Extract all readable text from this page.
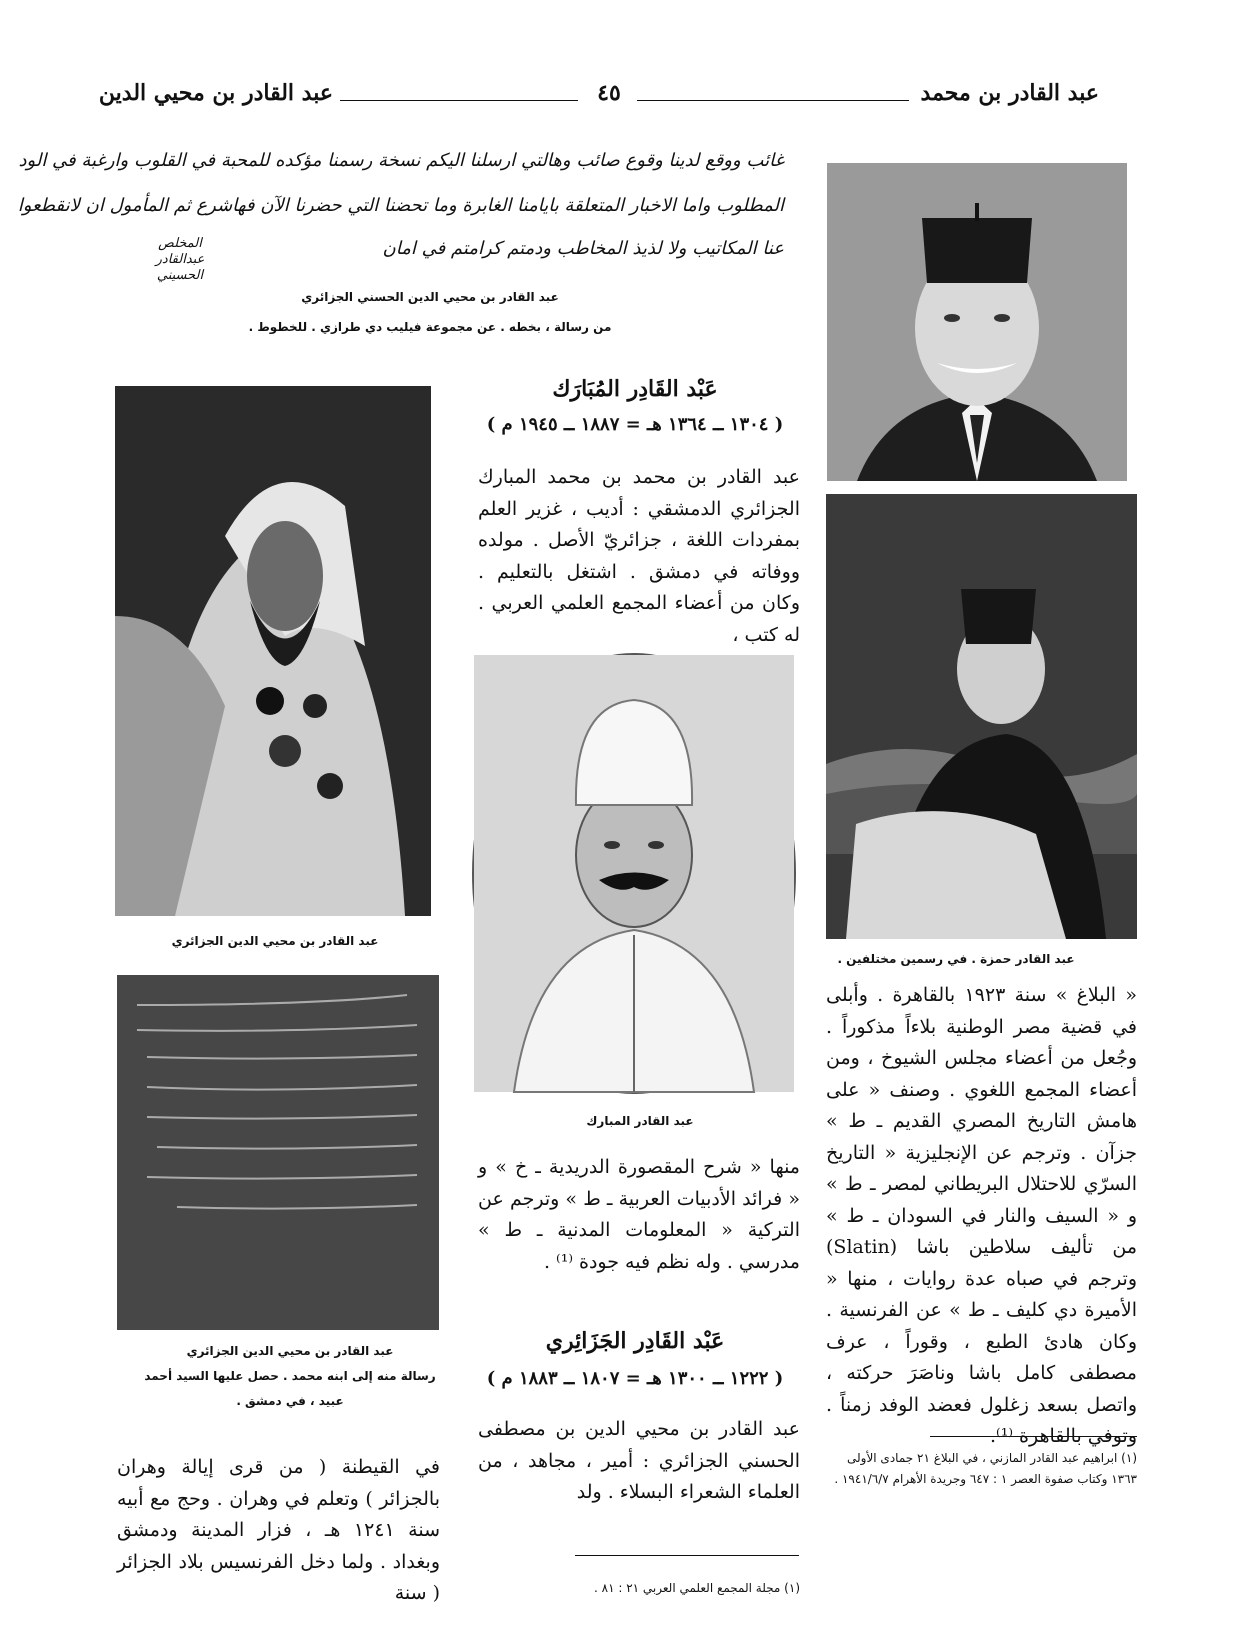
عبد القادر بن محمد
٤٥
عبد القادر بن محيي الدين
غائب ووقع لدينا وقوع صائب وهالتي ارسلنا اليكم نسخة رسمنا مؤكده للمحبة في القلوب وارغبة في الود
المطلوب واما الاخبار المتعلقة بايامنا الغابرة وما تحضنا التي حضرنا الآن فهاشرع ثم المأمول ان لانقطعوا
عنا المكاتيب ولا لذيذ المخاطب ودمتم كرامتم في امان
المخلص عبدالقادر الحسيني
عبد القادر بن محيي الدين الحسني الجزائري
من رسالة ، بخطه . عن مجموعة فيليب دي طرازي . للخطوط .
عبد القادر حمزة . في رسمين مختلفين .
عبد القادر بن محيي الدين الجزائري
عبد القادر بن محيي الدين الجزائري
رسالة منه إلى ابنه محمد . حصل عليها السيد أحمد
عبيد ، في دمشق .
في القيطنة ( من قرى إيالة وهران بالجزائر ) وتعلم في وهران . وحج مع أبيه سنة ١٢٤١ هـ ، فزار المدينة ودمشق وبغداد . ولما دخل الفرنسيس بلاد الجزائر ( سنة
عَبْد القَادِر المُبَارَك
( ١٣٠٤ ــ ١٣٦٤ هـ = ١٨٨٧ ــ ١٩٤٥ م )
عبد القادر بن محمد بن محمد المبارك الجزائري الدمشقي : أديب ، غزير العلم بمفردات اللغة ، جزائريّ الأصل . مولده ووفاته في دمشق . اشتغل بالتعليم . وكان من أعضاء المجمع العلمي العربي . له كتب ،
عبد القادر المبارك
منها « شرح المقصورة الدريدية ـ خ » و « فرائد الأدبيات العربية ـ ط » وترجم عن التركية « المعلومات المدنية ـ ط » مدرسي . وله نظم فيه جودة ⁽¹⁾ .
عَبْد القَادِر الجَزَائِري
( ١٢٢٢ ــ ١٣٠٠ هـ = ١٨٠٧ ــ ١٨٨٣ م )
عبد القادر بن محيي الدين بن مصطفى الحسني الجزائري : أمير ، مجاهد ، من العلماء الشعراء البسلاء . ولد
(١) مجلة المجمع العلمي العربي ٢١ : ٨١ .
« البلاغ » سنة ١٩٢٣ بالقاهرة . وأبلى في قضية مصر الوطنية بلاءاً مذكوراً . وجُعل من أعضاء مجلس الشيوخ ، ومن أعضاء المجمع اللغوي . وصنف « على هامش التاريخ المصري القديم ـ ط » جزآن . وترجم عن الإنجليزية « التاريخ السرّي للاحتلال البريطاني لمصر ـ ط » و « السيف والنار في السودان ـ ط » من تأليف سلاطين باشا (Slatin) وترجم في صباه عدة روايات ، منها « الأميرة دي كليف ـ ط » عن الفرنسية . وكان هادئ الطبع ، وقوراً ، عرف مصطفى كامل باشا وناصَرَ حركته ، واتصل بسعد زغلول فعضد الوفد زمناً . وتوفي بالقاهرة ⁽¹⁾.
(١) ابراهيم عبد القادر المازني ، في البلاغ ٢١ جمادى الأولى ١٣٦٣ وكتاب صفوة العصر ١ : ٦٤٧ وجريدة الأهرام ١٩٤١/٦/٧ .
